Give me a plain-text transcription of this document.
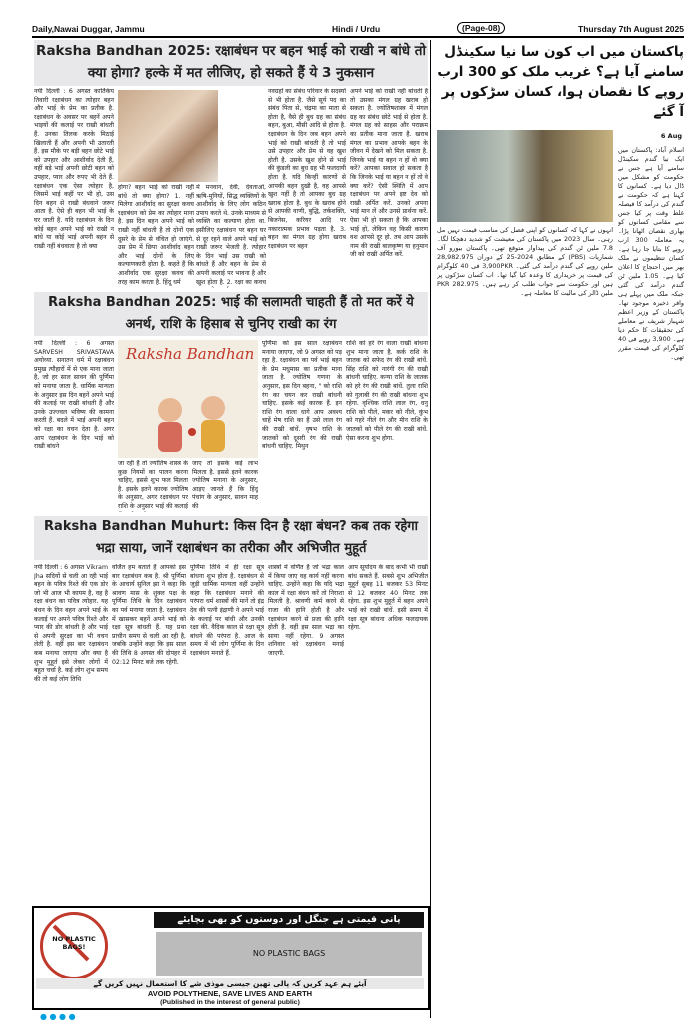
Daily,Nawai Duggar, Jammu	Hindi / Urdu	(Page-08)	Thursday 7th August 2025
Raksha Bandhan 2025: रक्षाबंधन पर बहन भाई को राखी न बांधे तो क्या होगा? हल्के में मत लीजिए, हो सकते हैं ये 3 नुकसान
नयी दिल्ली : 6 अगस्त कार्तिकेय तिवारी रक्षाबंधन का त्योहार बहन और भाई के प्रेम का प्रतीक है. रक्षाबंधन के अवसर पर बहनें अपने भाइयों की कलाई पर राखी बांधती हैं. उनका तिलक करके मिठाई खिलाती हैं और अपनी भी उतारती हैं. इस मौके पर बड़ी बहन छोटे भाई को उपहार और आशीर्वाद देती हैं, वहीं बड़े भाई अपनी छोटी बहन को उपहार, प्यार और रुपए भी देते हैं. रक्षाबंधन एक ऐसा त्योहार है, जिसमें भाई कहीं पर भी हो, उस दिन बहन से राखी बंधवाने जरूर आता है. ऐसे ही बहन भी भाई के घर जाती है. यदि रक्षाबंधन के दिन कोई बहन अपने भाई को राखी न बांधे या कोई भाई अपनी बहन से राखी नहीं बंधवाता है तो क्या
होगा? बहन भाई को राखी नहीं बांधे तो क्या होगा? 1. नहीं मिलेगा आशीर्वाद का सुरक्षा कवच रक्षाबंधन को प्रेम का त्योहार माना है. इस दिन बहन अपने भाई को राखी नहीं बांधती है तो दोनों एक दूसरे के प्रेम से वंचित हो जाएंगे. उस प्रेम में छिपा आशीर्वाद बहन और भाई दोनों के लिए कल्याणकारी होता है. कहते हैं कि आशीर्वाद एक सुरक्षा कवच की तरह काम करता है. हिंदू धर्म
में मनवान, देवी, देवताओं, ऋषि-मुनियों, सिद्ध व्यक्तियों के आशीर्वाद के लिए लोग कठिन उपाय करते थे. उनके माध्यम से व्यक्ति का कल्याण होता था. इसीलिए रक्षाबंधन पर बहन घर से दूर रहने वाले अपने भाई को राखी जरूर भेजती है. त्योहार के दिन भाई उस राखी को बांधते हैं और बहन के प्रेम से अपनी कलाई पर भावना है और खुश होता है. 2. रक्षा का कवच
नवग्रहों का संबंध परिवार के सदस्यों से भी होता है. जैसे सूर्य पद का संबंध पिता से, चंद्रमा का माता से होता है, वैसे ही बुध ग्रह का संबंध बहन, बुआ, मौसी आदि से होता है. रक्षाबंधन के दिन जब बहन अपने भाई को राखी बांधती है तो भाई उसे उपहार और प्रेम से वह खुश होती है. उसके खुश होने से भाई की कुंडली का बुध ग्रह भी फलदायी होता है. यदि किन्हीं कारणों से आपकी बहन दुखी है, वह आपसे खुश नहीं है तो आपका बुध ग्रह खराब होता है. बुध के खराब होने से आपकी वाणी, बुद्धि, तर्कशक्ति, बिजनेस, करियर आदि पर नकारात्मक प्रभाव पड़ता है. 3. बहन का मंगल ग्रह होगा खराब रक्षाबंधन पर बहन
अपने भाई को राखी नहीं बांधती है तो उसका मंगल ग्रह खराब हो सकता है. ज्योतिषशास्त्र में मंगल ग्रह का संबंध छोटे भाई से होता है. मंगल ग्रह को साहस और पराक्रम का प्रतीक माना जाता है. खराब मंगल का प्रभाव आपके बहन के जीवन में देखने को मिल सकता है. जिनके भाई या बहन न हों वो क्या करें? आपका सवाल हो सकता है कि जिनके भाई या बहन न हों तो वे क्या करें? ऐसी स्थिति में आप रक्षाबंधन पर अपने इष्ट देव को राखी अर्पित करें. उनको अपना भाई मान लें और उनसे प्रार्थना करें. ऐसा भी हो सकता है कि आपका भाई हो, लेकिन वह किसी कारण वश आपसे दूर हो. तब आप उसके नाम की राखी बालकृष्ण या हनुमान जी को राखी अर्पित करें.
Raksha Bandhan 2025: भाई की सलामती चाहती हैं तो मत करें ये अनर्थ, राशि के हिसाब से चुनिए राखी का रंग
नयी दिल्ली : 6 अगस्त SARVESH SRIVASTAVA अयोध्या. सनातन धर्म में रक्षाबंधन प्रमुख त्यौहारों में से एक माना जाता है, जो हर साल सावन की पूर्णिमा को मनाया जाता है. धार्मिक मान्यता के अनुसार इस दिन बहनें अपने भाई की कलाई पर राखी बांधती हैं और उनके उज्ज्वल भविष्य की कामना करती हैं. बदले में भाई अपनी बहन को रक्षा का वचन देता है. अगर आप रक्षाबंधन के दिन भाई को राखी बांधने
Raksha Bandhan
जा रही हैं तो ज्योतिष शास्त्र के कुछ नियमों का पालन करना चाहिए, इससे शुभ फल मिलता है. इसके इतने कारक ज्योतिष के अनुसार, अगर रक्षाबंधन पर राशि के अनुसार भाई की कलाई
जाए तो इसके कई लाभ मिलता है. इससे इतने कारक ज्योतिष मनाना के अनुसार, आइए जानते हैं कि हिंदू पंचांग के अनुसार, सावन माह की
पूर्णिमा को इस साल रक्षाबंधन मनाया जाएगा, जो 9 अगस्त को पड़ रहा है. रक्षाबंधन का पर्व भाई बहन के प्रेम मधुमास का प्रतीक माना जाता है. ज्योतिष गणना के अनुसार, इस दिन बहना, " को राशि रंग का चयन कर राखी बांधनी चाहिए. इसके कई कारक हैं. इन राशि रंग वाला धागे आप अवश्य चाहें मेष राशि का हैं उसे लाल रंग की राखी बांधें. वृषभ राशि के जातकों को दूसरी रंग की राखी बांधनी चाहिए. मिथुन
राशि को हरे रंग वाला राखी बांधना शुभ माना जाता है. कर्क राशि के जातक को सफेद रंग की राखी बांधें. सिंह राशि को नारंगी रंग की राखी बांधनी चाहिए. कन्या राशि के जातक को हरे रंग की राखी बांधें. तुला राशि को गुलाबी रंग की राखी बांधना शुभ रहेगा. वृश्चिक राशि लाल रंग, धनु राशि को पीले, मकर को नीले, कुंभ को गहरे नीले रंग और मीन राशि के जातकों को पीले रंग की राखी बांधें. ऐसा करना शुभ होगा.
Raksha Bandhan Muhurt: किस दिन है रक्षा बंधन? कब तक रहेगा भद्रा साया, जानें रक्षाबंधन का तरीका और अभिजीत मुहूर्त
नयी दिल्ली : 6 अगस्त Vikram Jha सदियों से चली आ रही भाई बहन के पवित्र रिश्ते की एक डोर जो भी आज भी कायम है, वह है रक्षा बंधन का पवित्र त्योहार. यह बंधन के दिन बहन अपने भाई के कलाई पर अपने पवित्र रिश्ते और प्यार की डोर बांधती है और भाई से अपनी सुरक्षा का भी वचन लेती है. वहीं इस बार रक्षाबंधन कब मनाया जाएगा और क्या है शुभ मुहूर्त इसे लेकर लोगों में बहुत चर्चा है. कई लोग शुभ समय की तो कई लोग तिथि
वर्जित हम बताते हैं आपको इस बार रक्षाबंधन कब है. श्री पूर्णिमा के आचार्य सुनिल झा ने कहा कि श्रावण मास के शुक्ल पक्ष के पूर्णिमा तिथि के दिन रक्षाबंधन का पर्व मनाया जाता है. रक्षाबंधन में खासकर बहनें अपने भाई को रक्षा सूत्र बांधती हैं. यह प्रथा प्राचीन समय से चली आ रही है, जबकि उन्होंने कहा कि इस साल की तिथि 8 अगस्त की दोपहर में 02:12 मिनट बजे तक रहेगी.
पूर्णिमा तिथि में ही रक्षा सूत्र बांधना शुभ होता है. रक्षाबंधन से जुड़ी धार्मिक मान्यता वहीं उन्होंने कहा कि रक्षाबंधन मनाने की परंपरा धर्म शास्त्रों की मानें तो इंद्र देव की पत्नी इंद्राणी ने अपने भाई के कलाई पर बांधी और उनकी रक्षा की. वैदिक काल से रक्षा सूत्र बांधने की परंपरा है. आज के समय में भी लोग पूर्णिमा के दिन रक्षाबंधन मनाते हैं.
शास्त्रों में वर्णित है जो भद्रा काल में किया जाए वह कार्य नहीं करना चाहिए. उन्होंने कहा कि यदि भद्रा काल में रक्षा बंधन करें तो निराशा मिलती है. श्रावणी कर्म करने से राजा की हानि होती है और रक्षाबंधन करने से प्रजा की हानि होती है. वहीं इस साल भद्रा का साया नहीं रहेगा. 9 अगस्त शनिवार को रक्षाबंधन मनाई जाएगी.
आप सूर्योदय के बाद कभी भी राखी बांध सकते हैं. सबसे शुभ अभिजीत मुहूर्त सुबह 11 बजकर 53 मिनट से 12 बजकर 40 मिनट तक रहेगा. इस शुभ मुहूर्त में बहन अपने भाई को राखी बांधें. इसी समय में रक्षा सूत्र बांधना अधिक फलदायक रहेगा.
NO PLASTIC BAGS!
پانی قیمتی ہے جنگل اور دوستوں کو بھی بچایئے
NO PLASTIC BAGS
آیئے ہم عہد کریں کہ پالی تھین جیسی موذی شے کا استعمال نہیں کریں گے
AVOID POLYTHENE, SAVE LIVES AND EARTH
(Published in the interest of general public)
پاکستان میں اب کون سا نیا سکینڈل سامنے آیا ہے؟ غریب ملک کو 300 ارب روپے کا نقصان ہوا، کسان سڑکوں پر آ گئے
6 Aug
اسلام آباد: پاکستان میں ایک نیا گندم سکینڈل سامنے آیا ہے جس نے حکومت کو مشکل میں ڈال دیا ہے۔ کسانوں کا کہنا ہے کہ حکومت نے گندم کی درآمد کا فیصلہ غلط وقت پر کیا جس سے مقامی کسانوں کو بھاری نقصان اٹھانا پڑا۔ یہ معاملہ 300 ارب روپے کا بتایا جا رہا ہے۔ کسان تنظیموں نے ملک بھر میں احتجاج کا اعلان کیا ہے۔ 1.05 ملین ٹن گندم درآمد کی گئی جبکہ ملک میں پہلے ہی وافر ذخیرہ موجود تھا۔ پاکستان کے وزیر اعظم شہباز شریف نے معاملے کی تحقیقات کا حکم دیا ہے۔ 3,900 روپے فی 40 کلوگرام کی قیمت مقرر تھی۔
انہوں نے کہا کہ کسانوں کو اپنی فصل کی مناسب قیمت نہیں مل رہی۔ سال 2023 میں پاکستان کی معیشت کو شدید دھچکا لگا۔ 7.8 ملین ٹن گندم کی پیداوار متوقع تھی۔ پاکستان بیورو آف شماریات (PBS) کے مطابق 2024-25 کے دوران 28,982.975 ملین روپے کی گندم درآمد کی گئی۔ 3,900PKR فی 40 کلوگرام کی قیمت پر خریداری کا وعدہ کیا گیا تھا۔ اب کسان سڑکوں پر ہیں اور حکومت سے جواب طلب کر رہے ہیں۔ PKR 282.975 ملین ڈالر کی مالیت کا معاملہ ہے۔
● ● ● ●
